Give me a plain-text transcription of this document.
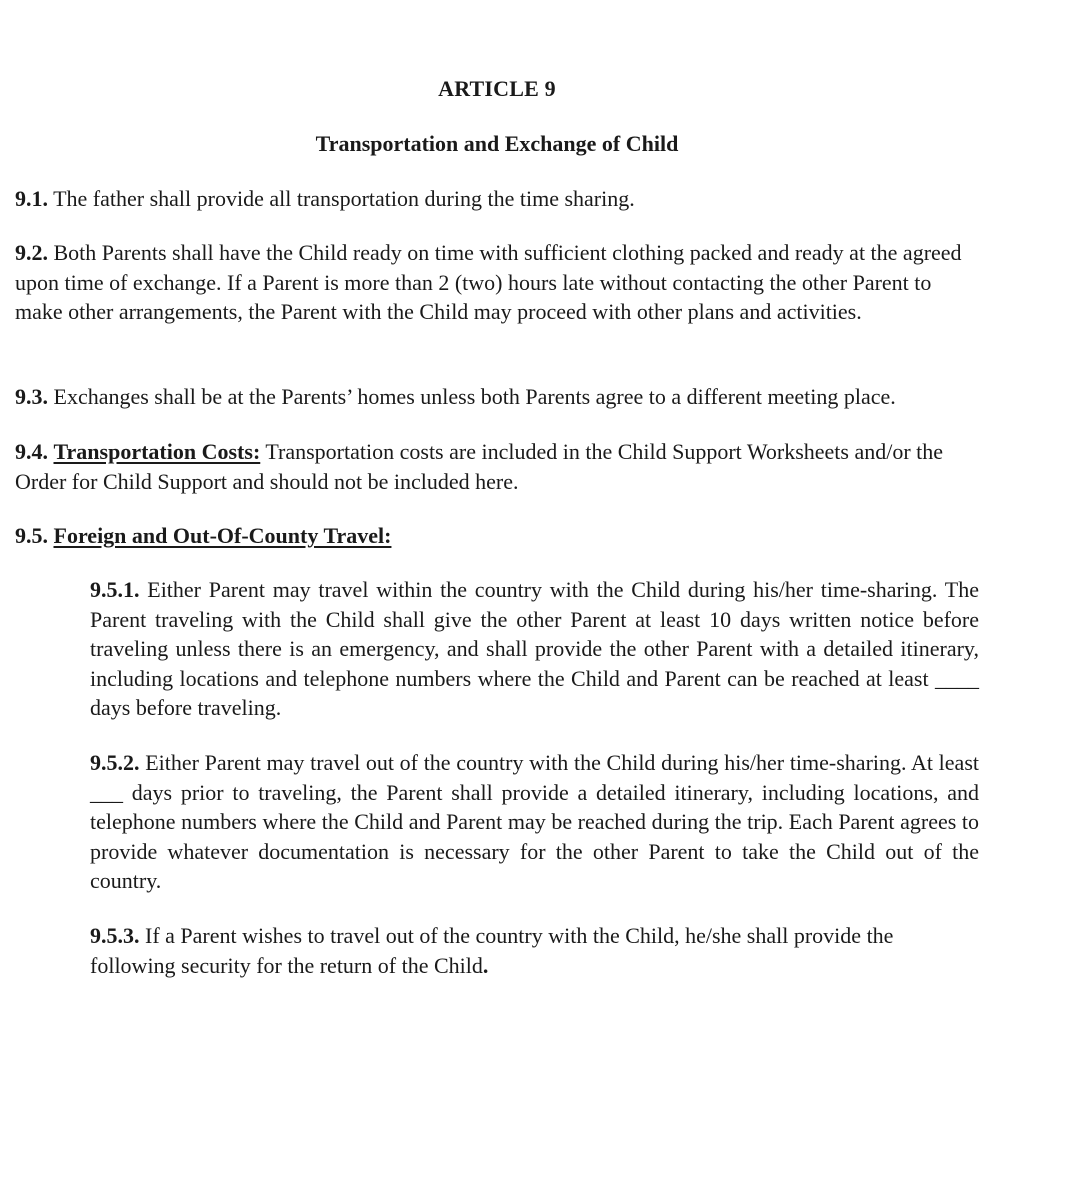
ARTICLE 9
Transportation and Exchange of Child

9.1. The father shall provide all transportation during the time sharing.

9.2. Both Parents shall have the Child ready on time with sufficient clothing packed and ready at the agreed upon time of exchange. If a Parent is more than 2 (two) hours late without contacting the other Parent to make other arrangements, the Parent with the Child may proceed with other plans and activities.

9.3. Exchanges shall be at the Parents’ homes unless both Parents agree to a different meeting place.

9.4. Transportation Costs: Transportation costs are included in the Child Support Worksheets and/or the Order for Child Support and should not be included here.

9.5. Foreign and Out-Of-County Travel:

9.5.1. Either Parent may travel within the country with the Child during his/her time-sharing. The Parent traveling with the Child shall give the other Parent at least 10 days written notice before traveling unless there is an emergency, and shall provide the other Parent with a detailed itinerary, including locations and telephone numbers where the Child and Parent can be reached at least ____ days before traveling.

9.5.2. Either Parent may travel out of the country with the Child during his/her time-sharing. At least ___ days prior to traveling, the Parent shall provide a detailed itinerary, including locations, and telephone numbers where the Child and Parent may be reached during the trip. Each Parent agrees to provide whatever documentation is necessary for the other Parent to take the Child out of the country.

9.5.3. If a Parent wishes to travel out of the country with the Child, he/she shall provide the following security for the return of the Child.
